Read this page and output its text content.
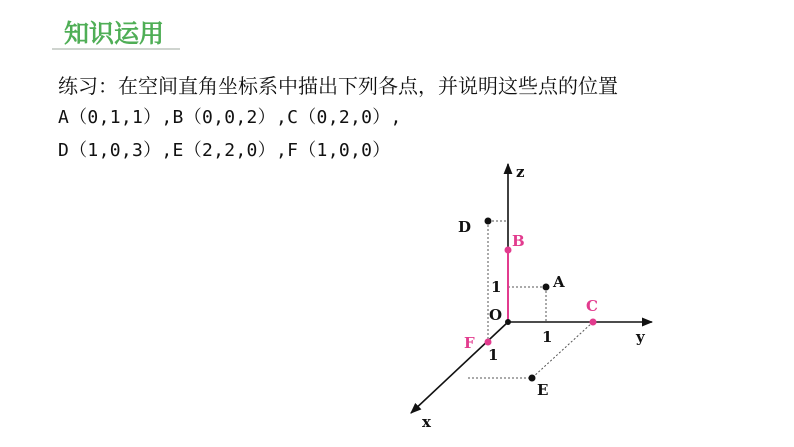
知识运用
练习：在空间直角坐标系中描出下列各点，并说明这些点的位置
A（0,1,1）,B（0,0,2）,C（0,2,0）,
D（1,0,3）,E（2,2,0）,F（1,0,0）
z
y
x
O
1
1
1
A
B
C
D
E
F
